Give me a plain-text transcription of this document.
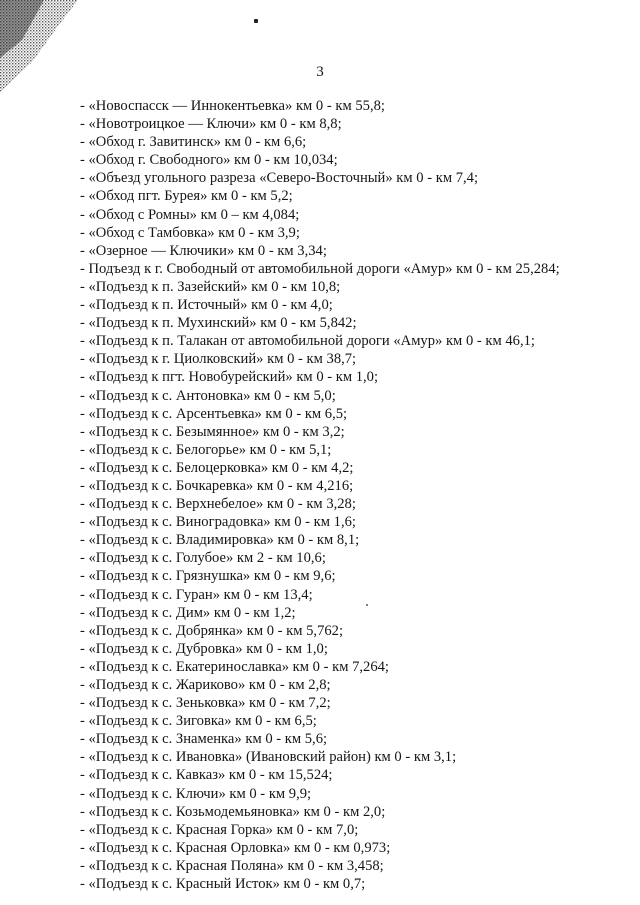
3
- «Новоспасск — Иннокентьевка» км 0 - км 55,8;
- «Новотроицкое — Ключи» км 0 - км 8,8;
- «Обход г. Завитинск» км 0 - км 6,6;
- «Обход г. Свободного» км 0 - км 10,034;
- «Объезд угольного разреза «Северо-Восточный» км 0 - км 7,4;
- «Обход пгт. Бурея» км 0 - км 5,2;
- «Обход с Ромны» км 0 – км 4,084;
- «Обход с Тамбовка» км 0 - км 3,9;
- «Озерное — Ключики» км 0 - км 3,34;
- Подъезд к г. Свободный от автомобильной дороги «Амур» км 0 - км 25,284;
- «Подъезд к п. Зазейский» км 0 - км 10,8;
- «Подъезд к п. Источный» км 0 - км 4,0;
- «Подъезд к п. Мухинский» км 0 - км 5,842;
- «Подъезд к п. Талакан от автомобильной дороги «Амур» км 0 - км 46,1;
- «Подъезд к г. Циолковский» км 0 - км 38,7;
- «Подъезд к пгт. Новобурейский» км 0 - км 1,0;
- «Подъезд к с. Антоновка» км 0 - км 5,0;
- «Подъезд к с. Арсентьевка» км 0 - км 6,5;
- «Подъезд к с. Безымянное» км 0 - км 3,2;
- «Подъезд к с. Белогорье» км 0 - км 5,1;
- «Подъезд к с. Белоцерковка» км 0 - км 4,2;
- «Подъезд к с. Бочкаревка» км 0 - км 4,216;
- «Подъезд к с. Верхнебелое» км 0 - км 3,28;
- «Подъезд к с. Виноградовка» км 0 - км 1,6;
- «Подъезд к с. Владимировка» км 0 - км 8,1;
- «Подъезд к с. Голубое» км 2 - км 10,6;
- «Подъезд к с. Грязнушка» км 0 - км 9,6;
- «Подъезд к с. Гуран» км 0 - км 13,4;
- «Подъезд к с. Дим» км 0 - км 1,2;
- «Подъезд к с. Добрянка» км 0 - км 5,762;
- «Подъезд к с. Дубровка» км 0 - км 1,0;
- «Подъезд к с. Екатеринославка» км 0 - км 7,264;
- «Подъезд к с. Жариково» км 0 - км 2,8;
- «Подъезд к с. Зеньковка» км 0 - км 7,2;
- «Подъезд к с. Зиговка» км 0 - км 6,5;
- «Подъезд к с. Знаменка» км 0 - км 5,6;
- «Подъезд к с. Ивановка» (Ивановский район) км 0 - км 3,1;
- «Подъезд к с. Кавказ» км 0 - км 15,524;
- «Подъезд к с. Ключи» км 0 - км 9,9;
- «Подъезд к с. Козьмодемьяновка» км 0 - км 2,0;
- «Подъезд к с. Красная Горка» км 0 - км 7,0;
- «Подъезд к с. Красная Орловка» км 0 - км 0,973;
- «Подъезд к с. Красная Поляна» км 0 - км 3,458;
- «Подъезд к с. Красный Исток» км 0 - км 0,7;
